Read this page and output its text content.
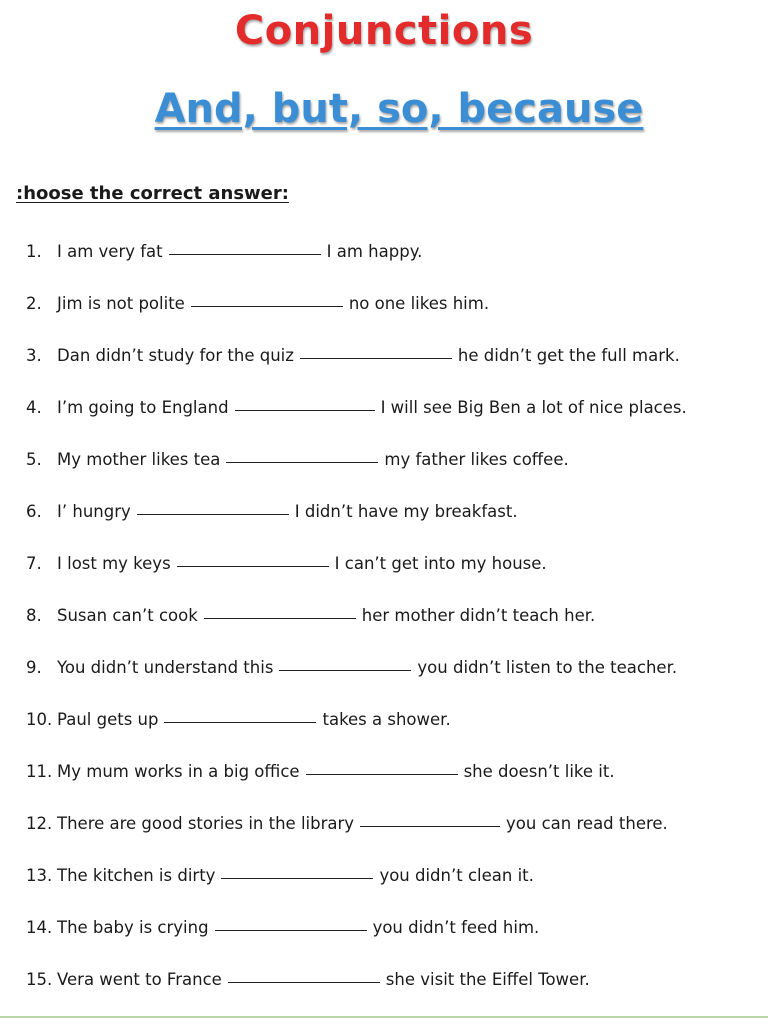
Conjunctions
And, but, so, because
:hoose the correct answer:
1. I am very fat	I am happy.
2. Jim is not polite	no one likes him.
3. Dan didn’t study for the quiz	he didn’t get the full mark.
4. I’m going to England	I will see Big Ben a lot of nice places.
5. My mother likes tea	my father likes coffee.
6. I’ hungry	I didn’t have my breakfast.
7. I lost my keys	I can’t get into my house.
8. Susan can’t cook	her mother didn’t teach her.
9. You didn’t understand this	you didn’t listen to the teacher.
10. Paul gets up	takes a shower.
11. My mum works in a big office	she doesn’t like it.
12. There are good stories in the library	you can read there.
13. The kitchen is dirty	you didn’t clean it.
14. The baby is crying	you didn’t feed him.
15. Vera went to France	she visit the Eiffel Tower.
